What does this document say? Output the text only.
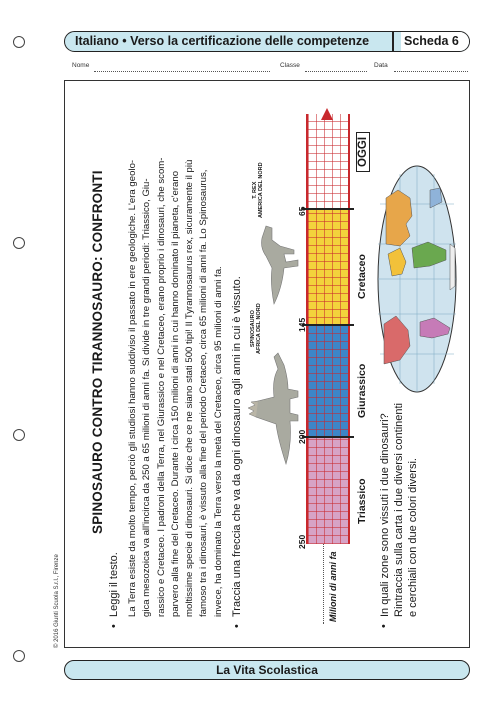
Italiano • Verso la certificazione delle competenze	Scheda 6
Nome	Classe	Data
SPINOSAURO CONTRO TIRANNOSAURO: CONFRONTI
•
Leggi il testo. La Terra esiste da molto tempo, perciò gli studiosi hanno suddiviso il passato in ere geologiche. L'era geolo- gica mesozoica va all'incirca da 250 a 65 milioni di anni fa. Si divide in tre grandi periodi: Triassico, Giu- rassico e Cretaceo. I padroni della Terra, nel Giurassico e nel Cretaceo, erano proprio i dinosauri, che scom- parvero alla fine del Cretaceo. Durante i circa 150 milioni di anni in cui hanno dominato il pianeta, c'erano moltissime specie di dinosauri. Si dice che ce ne siano stati 500 tipi! Il Tyrannosaurus rex, sicuramente il più famoso tra i dinosauri, è vissuto alla fine del periodo Cretaceo, circa 65 milioni di anni fa. Lo Spinosaurus, invece, ha dominato la Terra verso la metà del Cretaceo, circa 95 milioni di anni fa.
•
Traccia una freccia che va da ogni dinosauro agli anni in cui è vissuto. SPINOSAURO AFRICA DEL NORD
T. REX AMERICA DEL NORD
Milioni di anni fa
250
200
145
65
OGGI
Triassico
Giurassico
Cretaceo
•
In quali zone sono vissuti i due dinosauri? Rintraccia sulla carta i due diversi continenti e cerchiali con due colori diversi.
© 2016 Giunti Scuola S.r.l., Firenze
La Vita Scolastica
